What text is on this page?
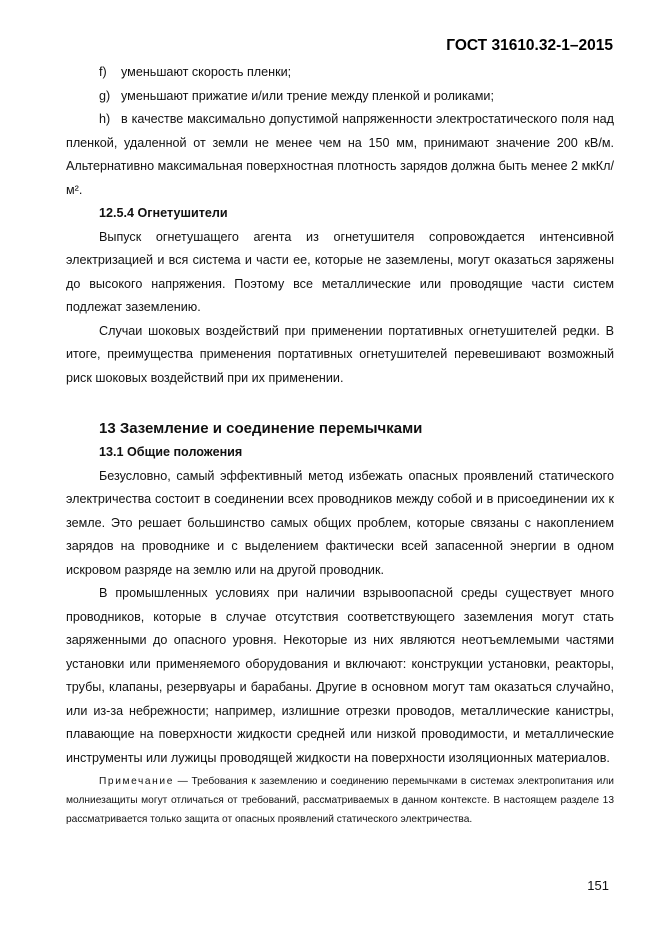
ГОСТ 31610.32-1–2015

f) уменьшают скорость пленки;

g) уменьшают прижатие и/или трение между пленкой и роликами;

h) в качестве максимально допустимой напряженности электростатического поля над пленкой, удаленной от земли не менее чем на 150 мм, принимают значение 200 кВ/м. Альтернативно максимальная поверхностная плотность зарядов должна быть менее 2 мкКл/м².

12.5.4 Огнетушители

Выпуск огнетушащего агента из огнетушителя сопровождается интенсивной электризацией и вся система и части ее, которые не заземлены, могут оказаться заряжены до высокого напряжения. Поэтому все металлические или проводящие части систем подлежат заземлению.

Случаи шоковых воздействий при применении портативных огнетушителей редки. В итоге, преимущества применения портативных огнетушителей перевешивают возможный риск шоковых воздействий при их применении.

13 Заземление и соединение перемычками

13.1 Общие положения

Безусловно, самый эффективный метод избежать опасных проявлений статического электричества состоит в соединении всех проводников между собой и в присоединении их к земле. Это решает большинство самых общих проблем, которые связаны с накоплением зарядов на проводнике и с выделением фактически всей запасенной энергии в одном искровом разряде на землю или на другой проводник.

В промышленных условиях при наличии взрывоопасной среды существует много проводников, которые в случае отсутствия соответствующего заземления могут стать заряженными до опасного уровня. Некоторые из них являются неотъемлемыми частями установки или применяемого оборудования и включают: конструкции установки, реакторы, трубы, клапаны, резервуары и барабаны. Другие в основном могут там оказаться случайно, или из-за небрежности; например, излишние отрезки проводов, металлические канистры, плавающие на поверхности жидкости средней или низкой проводимости, и металлические инструменты или лужицы проводящей жидкости на поверхности изоляционных материалов.

Примечание — Требования к заземлению и соединению перемычками в системах электропитания или молниезащиты могут отличаться от требований, рассматриваемых в данном контексте. В настоящем разделе 13 рассматривается только защита от опасных проявлений статического электричества.

151
